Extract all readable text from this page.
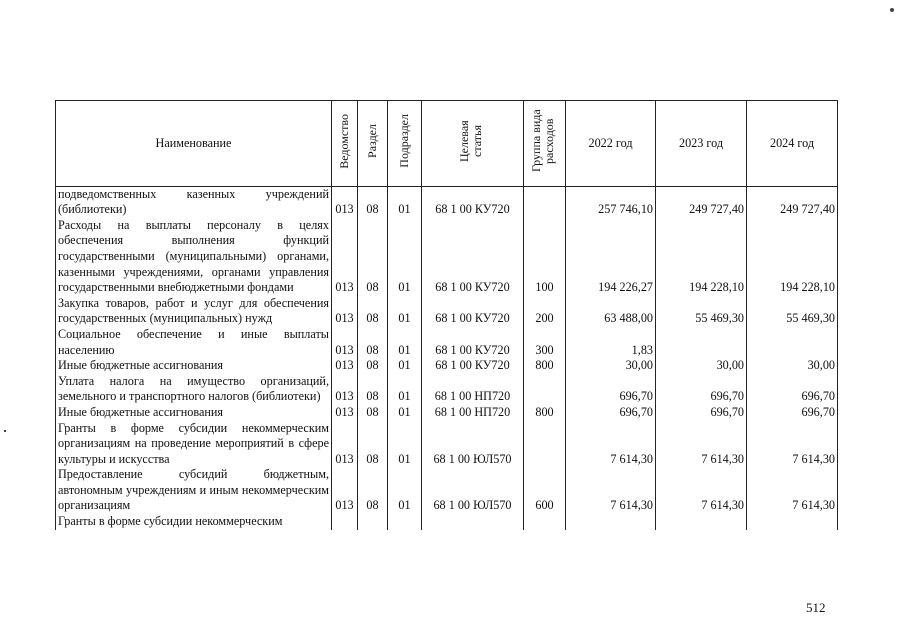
Наименование	Ведомство	Раздел	Подраздел	Целевая статья	Группа вида расходов	2022 год	2023 год	2024 год
подведомственных казенных учреждений (библиотеки)	013	08	01	68 1 00 КУ720		257 746,10	249 727,40	249 727,40
Расходы на выплаты персоналу в целях обеспечения выполнения функций государственными (муниципальными) органами, казенными учреждениями, органами управления государственными внебюджетными фондами	013	08	01	68 1 00 КУ720	100	194 226,27	194 228,10	194 228,10
Закупка товаров, работ и услуг для обеспечения государственных (муниципальных) нужд	013	08	01	68 1 00 КУ720	200	63 488,00	55 469,30	55 469,30
Социальное обеспечение и иные выплаты населению	013	08	01	68 1 00 КУ720	300	1,83		
Иные бюджетные ассигнования	013	08	01	68 1 00 КУ720	800	30,00	30,00	30,00
Уплата налога на имущество организаций, земельного и транспортного налогов (библиотеки)	013	08	01	68 1 00 НП720		696,70	696,70	696,70
Иные бюджетные ассигнования	013	08	01	68 1 00 НП720	800	696,70	696,70	696,70
Гранты в форме субсидии некоммерческим организациям на проведение мероприятий в сфере культуры и искусства	013	08	01	68 1 00 ЮЛ570		7 614,30	7 614,30	7 614,30
Предоставление субсидий бюджетным, автономным учреждениям и иным некоммерческим организациям	013	08	01	68 1 00 ЮЛ570	600	7 614,30	7 614,30	7 614,30
Гранты в форме субсидии некоммерческим								
512
